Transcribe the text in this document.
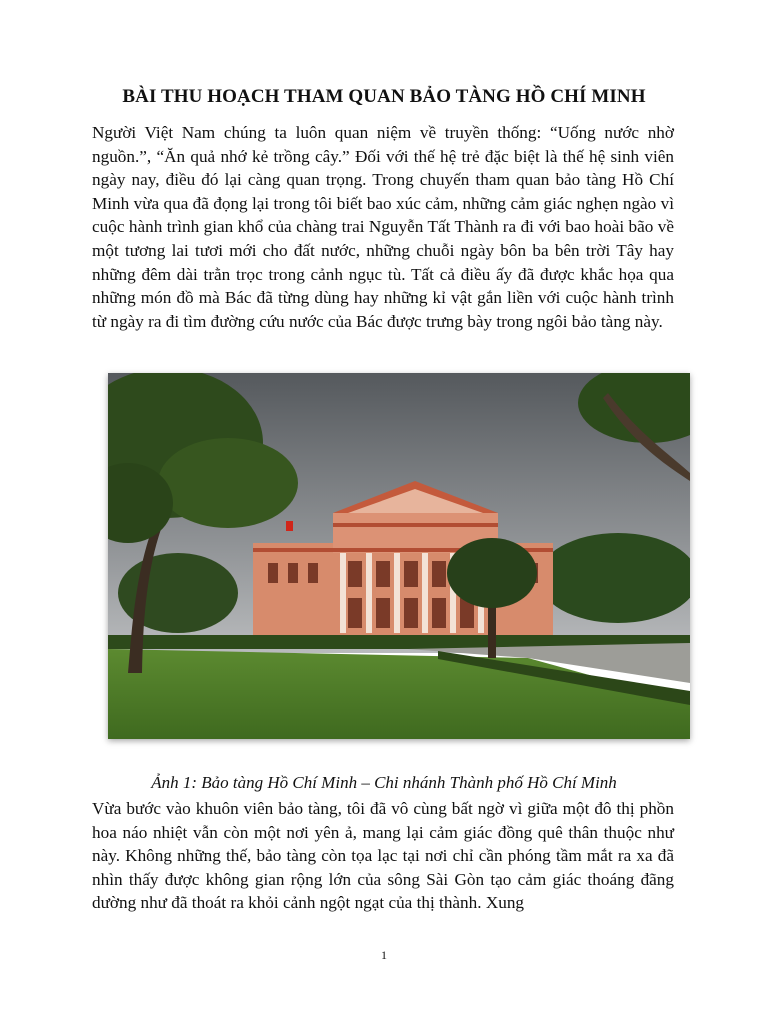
BÀI THU HOẠCH THAM QUAN BẢO TÀNG HỒ CHÍ MINH

Người Việt Nam chúng ta luôn quan niệm về truyền thống: “Uống nước nhờ nguồn.”, “Ăn quả nhớ kẻ trồng cây.” Đối với thế hệ trẻ đặc biệt là thế hệ sinh viên ngày nay, điều đó lại càng quan trọng. Trong chuyến tham quan bảo tàng Hồ Chí Minh vừa qua đã đọng lại trong tôi biết bao xúc cảm, những cảm giác nghẹn ngào vì cuộc hành trình gian khổ của chàng trai Nguyễn Tất Thành ra đi với bao hoài bão về một tương lai tươi mới cho đất nước, những chuỗi ngày bôn ba bên trời Tây hay những đêm dài trằn trọc trong cảnh ngục tù. Tất cả điều ấy đã được khắc họa qua những món đồ mà Bác đã từng dùng hay những kỉ vật gắn liền với cuộc hành trình từ ngày ra đi tìm đường cứu nước của Bác được trưng bày trong ngôi bảo tàng này.

Ảnh 1: Bảo tàng Hồ Chí Minh – Chi nhánh Thành phố Hồ Chí Minh

Vừa bước vào khuôn viên bảo tàng, tôi đã vô cùng bất ngờ vì giữa một đô thị phồn hoa náo nhiệt vẫn còn một nơi yên ả, mang lại cảm giác đồng quê thân thuộc như này. Không những thế, bảo tàng còn tọa lạc tại nơi chỉ cần phóng tầm mắt ra xa đã nhìn thấy được không gian rộng lớn của sông Sài Gòn tạo cảm giác thoáng đãng dường như đã thoát ra khỏi cảnh ngột ngạt của thị thành. Xung

1
